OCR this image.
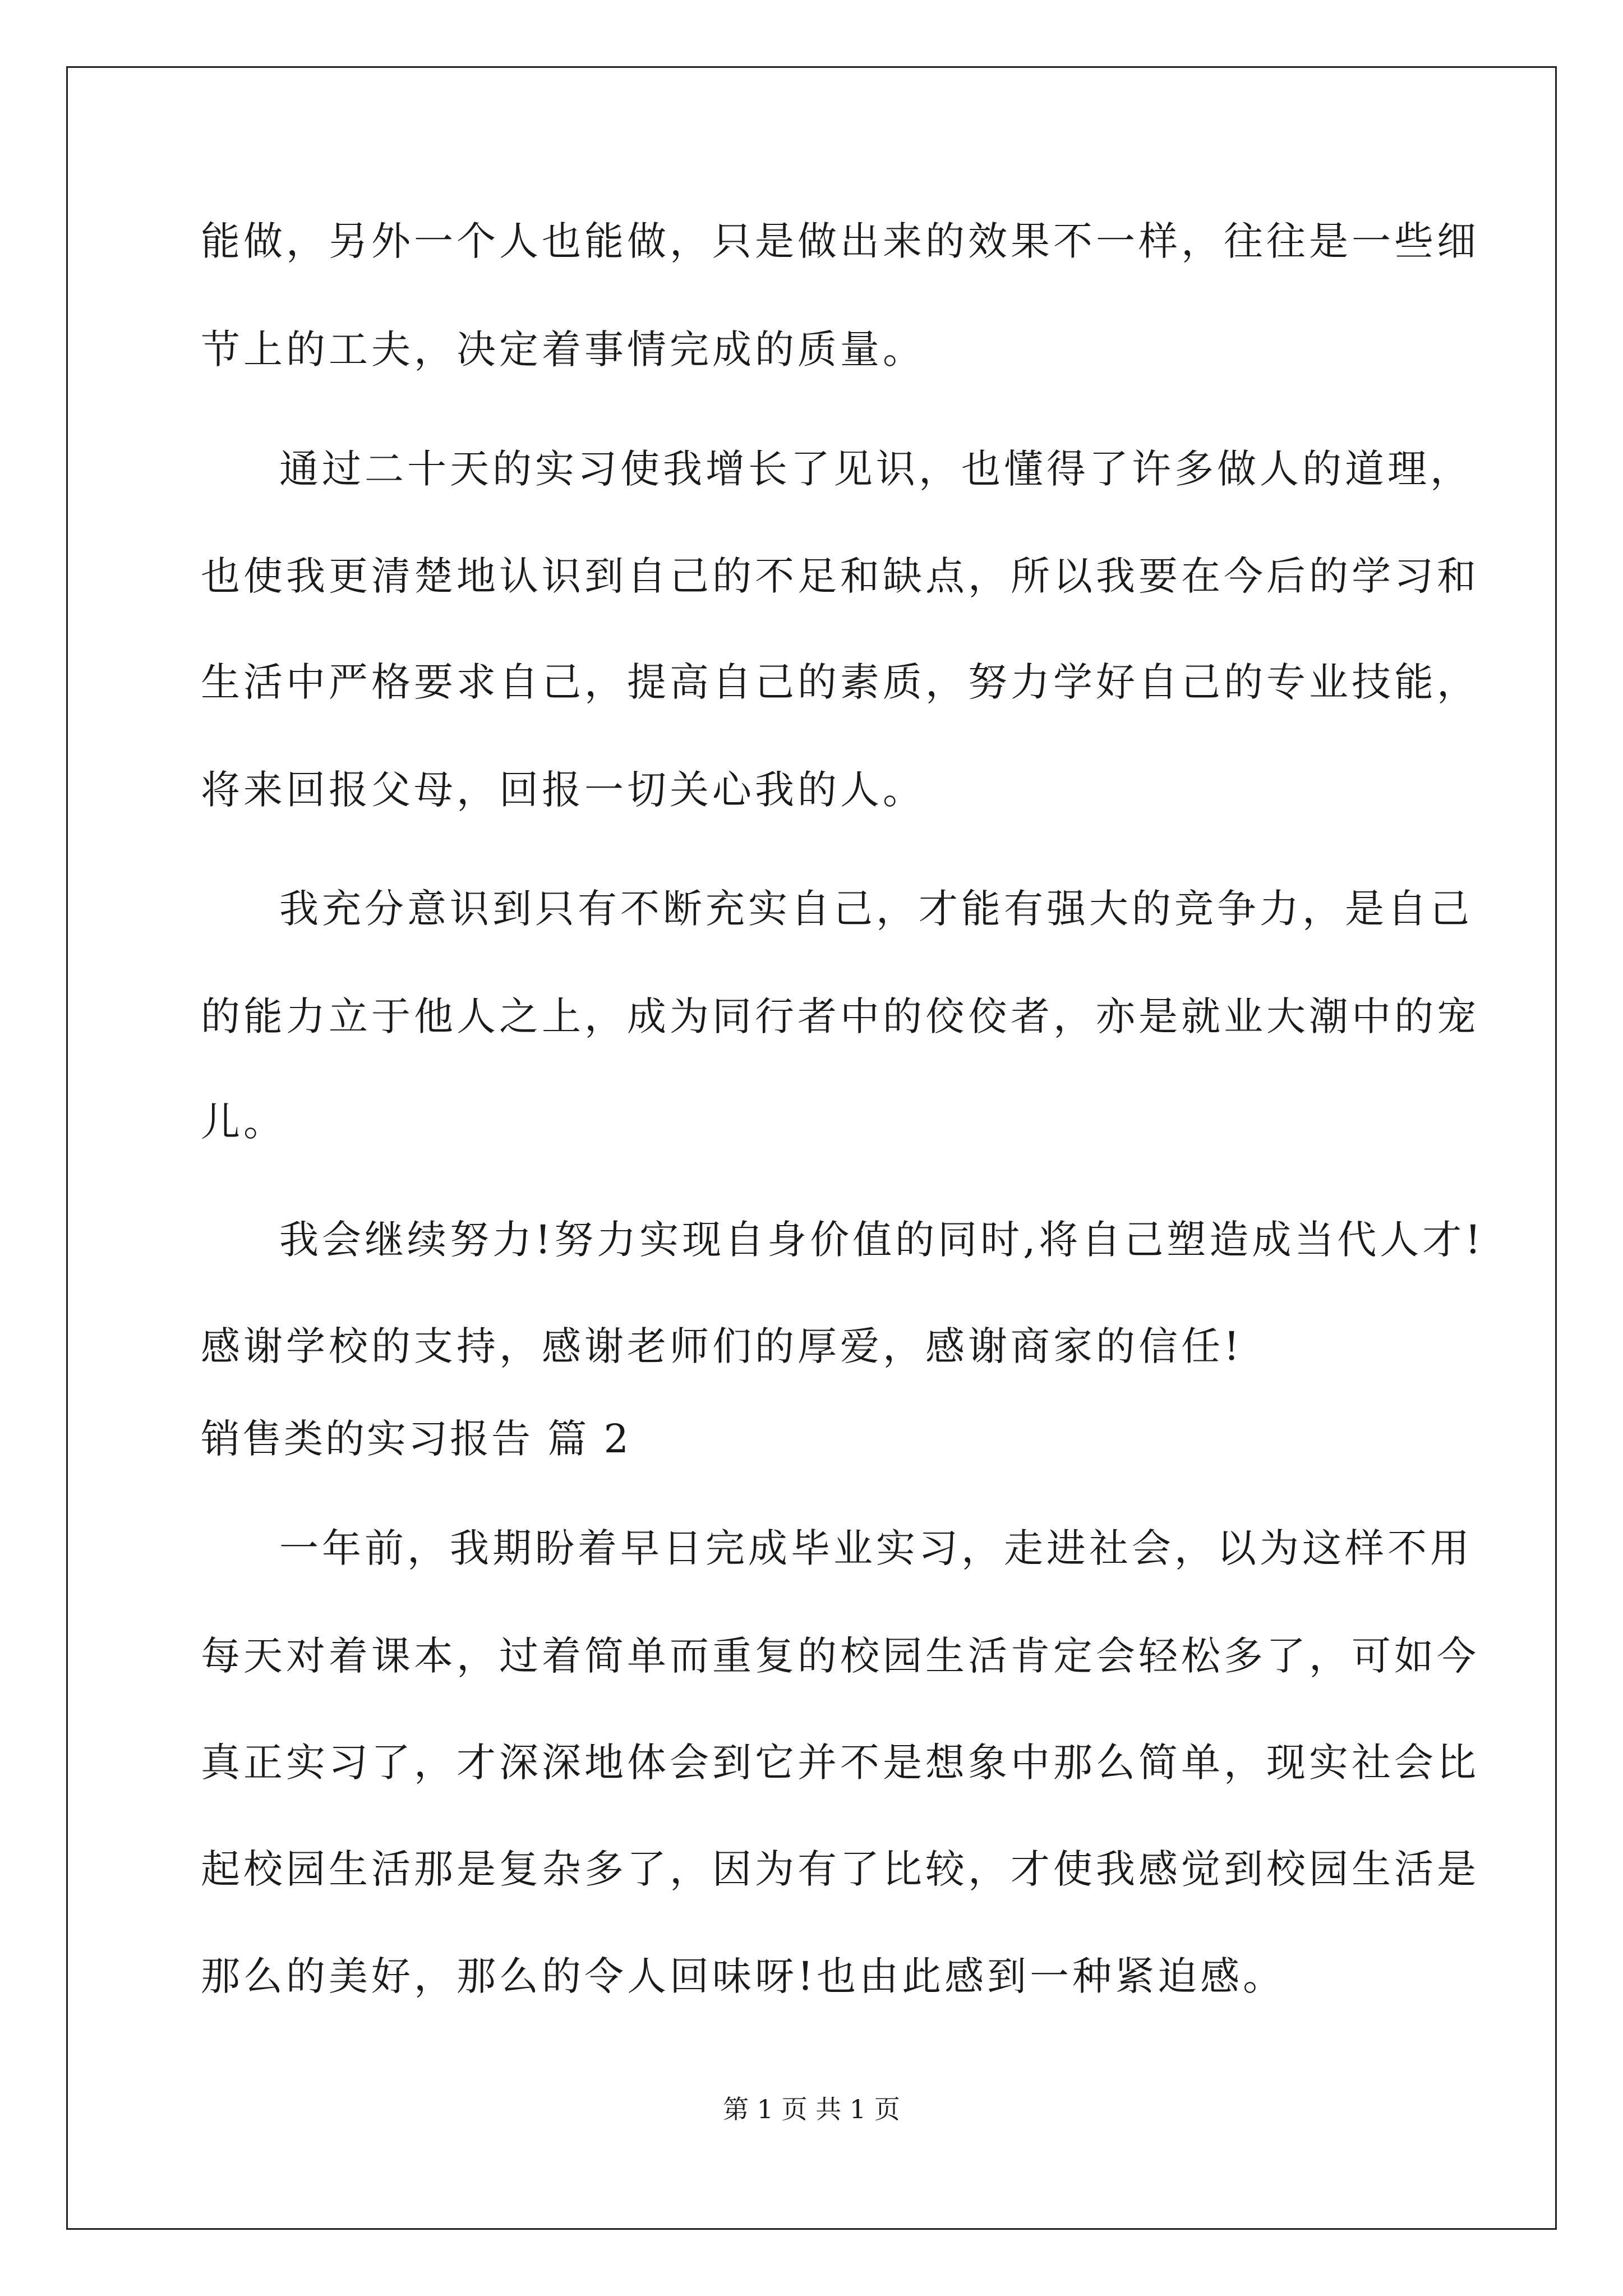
能做，另外一个人也能做，只是做出来的效果不一样，往往是一些细
节上的工夫，决定着事情完成的质量。
通过二十天的实习使我增长了见识，也懂得了许多做人的道理，
也使我更清楚地认识到自己的不足和缺点，所以我要在今后的学习和
生活中严格要求自己，提高自己的素质，努力学好自己的专业技能，
将来回报父母，回报一切关心我的人。
我充分意识到只有不断充实自己，才能有强大的竞争力，是自己
的能力立于他人之上，成为同行者中的佼佼者，亦是就业大潮中的宠
儿。
我会继续努力!努力实现自身价值的同时,将自己塑造成当代人才!
感谢学校的支持，感谢老师们的厚爱，感谢商家的信任!
销售类的实习报告 篇 2
一年前，我期盼着早日完成毕业实习，走进社会，以为这样不用
每天对着课本，过着简单而重复的校园生活肯定会轻松多了，可如今
真正实习了，才深深地体会到它并不是想象中那么简单，现实社会比
起校园生活那是复杂多了，因为有了比较，才使我感觉到校园生活是
那么的美好，那么的令人回味呀!也由此感到一种紧迫感。
第 1 页 共 1 页
